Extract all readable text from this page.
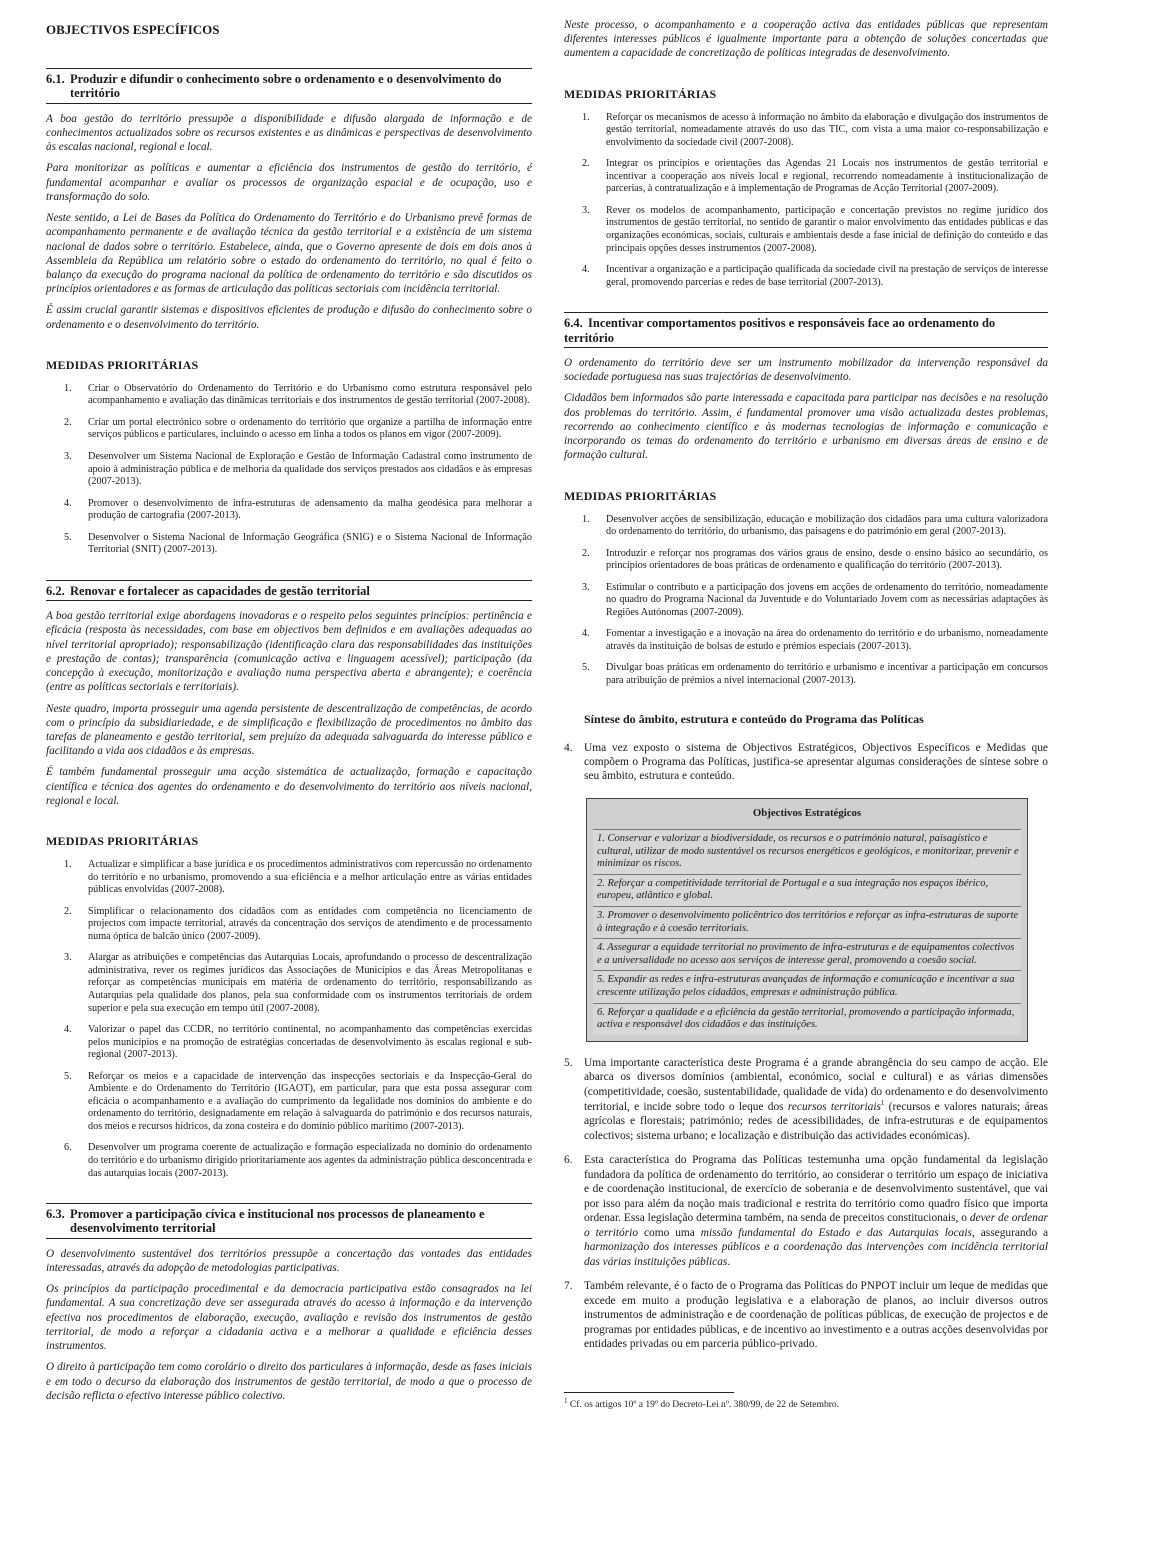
OBJECTIVOS ESPECÍFICOS
6.1. Produzir e difundir o conhecimento sobre o ordenamento e o desenvolvimento do
território

A boa gestão do território pressupõe a disponibilidade e difusão alargada de informação e de conhecimentos actualizados sobre os recursos existentes e as dinâmicas e perspectivas de desenvolvimento às escalas nacional, regional e local.

Para monitorizar as políticas e aumentar a eficiência dos instrumentos de gestão do território, é fundamental acompanhar e avaliar os processos de organização espacial e de ocupação, uso e transformação do solo.

Neste sentido, a Lei de Bases da Política do Ordenamento do Território e do Urbanismo prevê formas de acompanhamento permanente e de avaliação técnica da gestão territorial e a existência de um sistema nacional de dados sobre o território. Estabelece, ainda, que o Governo apresente de dois em dois anos à Assembleia da República um relatório sobre o estado do ordenamento do território, no qual é feito o balanço da execução do programa nacional da política de ordenamento do território e são discutidos os princípios orientadores e as formas de articulação das políticas sectoriais com incidência territorial.

É assim crucial garantir sistemas e dispositivos eficientes de produção e difusão do conhecimento sobre o ordenamento e o desenvolvimento do território.

MEDIDAS PRIORITÁRIAS
1. Criar o Observatório do Ordenamento do Território e do Urbanismo como estrutura responsável pelo acompanhamento e avaliação das dinâmicas territoriais e dos instrumentos de gestão territorial (2007-2008).
2. Criar um portal electrónico sobre o ordenamento do território que organize a partilha de informação entre serviços públicos e particulares, incluindo o acesso em linha a todos os planos em vigor (2007-2009).
3. Desenvolver um Sistema Nacional de Exploração e Gestão de Informação Cadastral como instrumento de apoio à administração pública e de melhoria da qualidade dos serviços prestados aos cidadãos e às empresas (2007-2013).
4. Promover o desenvolvimento de infra-estruturas de adensamento da malha geodésica para melhorar a produção de cartografia (2007-2013).
5. Desenvolver o Sistema Nacional de Informação Geográfica (SNIG) e o Sistema Nacional de Informação Territorial (SNIT) (2007-2013).
6.2. Renovar e fortalecer as capacidades de gestão territorial

A boa gestão territorial exige abordagens inovadoras e o respeito pelos seguintes princípios: pertinência e eficácia (resposta às necessidades, com base em objectivos bem definidos e em avaliações adequadas ao nível territorial apropriado); responsabilização (identificação clara das responsabilidades das instituições e prestação de contas); transparência (comunicação activa e linguagem acessível); participação (da concepção à execução, monitorização e avaliação numa perspectiva aberta e abrangente); e coerência (entre as políticas sectoriais e territoriais).

Neste quadro, importa prosseguir uma agenda persistente de descentralização de competências, de acordo com o princípio da subsidiariedade, e de simplificação e flexibilização de procedimentos no âmbito das tarefas de planeamento e gestão territorial, sem prejuízo da adequada salvaguarda do interesse público e facilitando a vida aos cidadãos e às empresas.

É também fundamental prosseguir uma acção sistemática de actualização, formação e capacitação científica e técnica dos agentes do ordenamento e do desenvolvimento do território aos níveis nacional, regional e local.

MEDIDAS PRIORITÁRIAS
1. Actualizar e simplificar a base jurídica e os procedimentos administrativos com repercussão no ordenamento do território e no urbanismo, promovendo a sua eficiência e a melhor articulação entre as várias entidades públicas envolvidas (2007-2008).
2. Simplificar o relacionamento dos cidadãos com as entidades com competência no licenciamento de projectos com impacte territorial, através da concentração dos serviços de atendimento e de processamento numa óptica de balcão único (2007-2009).
3. Alargar as atribuições e competências das Autarquias Locais, aprofundando o processo de descentralização administrativa, rever os regimes jurídicos das Associações de Municípios e das Áreas Metropolitanas e reforçar as competências municipais em matéria de ordenamento do território, responsabilizando as Autarquias pela qualidade dos planos, pela sua conformidade com os instrumentos territoriais de ordem superior e pela sua execução em tempo útil (2007-2008).
4. Valorizar o papel das CCDR, no território continental, no acompanhamento das competências exercidas pelos municípios e na promoção de estratégias concertadas de desenvolvimento às escalas regional e sub-regional (2007-2013).
5. Reforçar os meios e a capacidade de intervenção das inspecções sectoriais e da Inspecção-Geral do Ambiente e do Ordenamento do Território (IGAOT), em particular, para que esta possa assegurar com eficácia o acompanhamento e a avaliação do cumprimento da legalidade nos domínios do ambiente e do ordenamento do território, designadamente em relação à salvaguarda do património e dos recursos naturais, dos meios e recursos hídricos, da zona costeira e do domínio público marítimo (2007-2013).
6. Desenvolver um programa coerente de actualização e formação especializada no domínio do ordenamento do território e do urbanismo dirigido prioritariamente aos agentes da administração pública desconcentrada e das autarquias locais (2007-2013).
6.3. Promover a participação cívica e institucional nos processos de planeamento e
desenvolvimento territorial

O desenvolvimento sustentável dos territórios pressupõe a concertação das vontades das entidades interessadas, através da adopção de metodologias participativas.

Os princípios da participação procedimental e da democracia participativa estão consagrados na lei fundamental. A sua concretização deve ser assegurada através do acesso à informação e da intervenção efectiva nos procedimentos de elaboração, execução, avaliação e revisão dos instrumentos de gestão territorial, de modo a reforçar a cidadania activa e a melhorar a qualidade e eficiência desses instrumentos.

O direito à participação tem como corolário o direito dos particulares à informação, desde as fases iniciais e em todo o decurso da elaboração dos instrumentos de gestão territorial, de modo a que o processo de decisão reflicta o efectivo interesse público colectivo.

Neste processo, o acompanhamento e a cooperação activa das entidades públicas que representam diferentes interesses públicos é igualmente importante para a obtenção de soluções concertadas que aumentem a capacidade de concretização de políticas integradas de desenvolvimento.

MEDIDAS PRIORITÁRIAS
1. Reforçar os mecanismos de acesso à informação no âmbito da elaboração e divulgação dos instrumentos de gestão territorial, nomeadamente através do uso das TIC, com vista a uma maior co-responsabilização e envolvimento da sociedade civil (2007-2008).
2. Integrar os princípios e orientações das Agendas 21 Locais nos instrumentos de gestão territorial e incentivar a cooperação aos níveis local e regional, recorrendo nomeadamente à institucionalização de parcerias, à contratualização e à implementação de Programas de Acção Territorial (2007-2009).
3. Rever os modelos de acompanhamento, participação e concertação previstos no regime jurídico dos instrumentos de gestão territorial, no sentido de garantir o maior envolvimento das entidades públicas e das organizações económicas, sociais, culturais e ambientais desde a fase inicial de definição do conteúdo e das principais opções desses instrumentos (2007-2008).
4. Incentivar a organização e a participação qualificada da sociedade civil na prestação de serviços de interesse geral, promovendo parcerias e redes de base territorial (2007-2013).
6.4. Incentivar comportamentos positivos e responsáveis face ao ordenamento do território

O ordenamento do território deve ser um instrumento mobilizador da intervenção responsável da sociedade portuguesa nas suas trajectórias de desenvolvimento.

Cidadãos bem informados são parte interessada e capacitada para participar nas decisões e na resolução dos problemas do território. Assim, é fundamental promover uma visão actualizada destes problemas, recorrendo ao conhecimento científico e às modernas tecnologias de informação e comunicação e incorporando os temas do ordenamento do território e urbanismo em diversas áreas de ensino e de formação cultural.

MEDIDAS PRIORITÁRIAS
1. Desenvolver acções de sensibilização, educação e mobilização dos cidadãos para uma cultura valorizadora do ordenamento do território, do urbanismo, das paisagens e do património em geral (2007-2013).
2. Introduzir e reforçar nos programas dos vários graus de ensino, desde o ensino básico ao secundário, os princípios orientadores de boas práticas de ordenamento e qualificação do território (2007-2013).
3. Estimular o contributo e a participação dos jovens em acções de ordenamento do território, nomeadamente no quadro do Programa Nacional da Juventude e do Voluntariado Jovem com as necessárias adaptações às Regiões Autónomas (2007-2009).
4. Fomentar a investigação e a inovação na área do ordenamento do território e do urbanismo, nomeadamente através da instituição de bolsas de estudo e prémios especiais (2007-2013).
5. Divulgar boas práticas em ordenamento do território e urbanismo e incentivar a participação em concursos para atribuição de prémios a nível internacional (2007-2013).
Síntese do âmbito, estrutura e conteúdo do Programa das Políticas
4. Uma vez exposto o sistema de Objectivos Estratégicos, Objectivos Específicos e Medidas que compõem o Programa das Políticas, justifica-se apresentar algumas considerações de síntese sobre o seu âmbito, estrutura e conteúdo.
Objectivos Estratégicos
1. Conservar e valorizar a biodiversidade, os recursos e o património natural, paisagístico e cultural, utilizar de modo sustentável os recursos energéticos e geológicos, e monitorizar, prevenir e minimizar os riscos.
2. Reforçar a competitividade territorial de Portugal e a sua integração nos espaços ibérico, europeu, atlântico e global.
3. Promover o desenvolvimento policêntrico dos territórios e reforçar as infra-estruturas de suporte à integração e à coesão territoriais.
4. Assegurar a equidade territorial no provimento de infra-estruturas e de equipamentos colectivos e a universalidade no acesso aos serviços de interesse geral, promovendo a coesão social.
5. Expandir as redes e infra-estruturas avançadas de informação e comunicação e incentivar a sua crescente utilização pelos cidadãos, empresas e administração pública.
6. Reforçar a qualidade e a eficiência da gestão territorial, promovendo a participação informada, activa e responsável dos cidadãos e das instituições.
5. Uma importante característica deste Programa é a grande abrangência do seu campo de acção. Ele abarca os diversos domínios (ambiental, económico, social e cultural) e as várias dimensões (competitividade, coesão, sustentabilidade, qualidade de vida) do ordenamento e do desenvolvimento territorial, e incide sobre todo o leque dos recursos territoriais$^1$ (recursos e valores naturais; áreas agrícolas e florestais; património; redes de acessibilidades, de infra-estruturas e de equipamentos colectivos; sistema urbano; e localização e distribuição das actividades económicas).
6. Esta característica do Programa das Políticas testemunha uma opção fundamental da legislação fundadora da política de ordenamento do território, ao considerar o território um espaço de iniciativa e de coordenação institucional, de exercício de soberania e de desenvolvimento sustentável, que vai por isso para além da noção mais tradicional e restrita do território como quadro físico que importa ordenar. Essa legislação determina também, na senda de preceitos constitucionais, o dever de ordenar o território como uma missão fundamental do Estado e das Autarquias locais, assegurando a harmonização dos interesses públicos e a coordenação das intervenções com incidência territorial das várias instituições públicas.
7. Também relevante, é o facto de o Programa das Políticas do PNPOT incluir um leque de medidas que excede em muito a produção legislativa e a elaboração de planos, ao incluir diversos outros instrumentos de administração e de coordenação de políticas públicas, de execução de projectos e de programas por entidades públicas, e de incentivo ao investimento e a outras acções desenvolvidas por entidades privadas ou em parceria público-privado.
$^1$ Cf. os artigos 10º a 19º do Decreto-Lei nº. 380/99, de 22 de Setembro.
